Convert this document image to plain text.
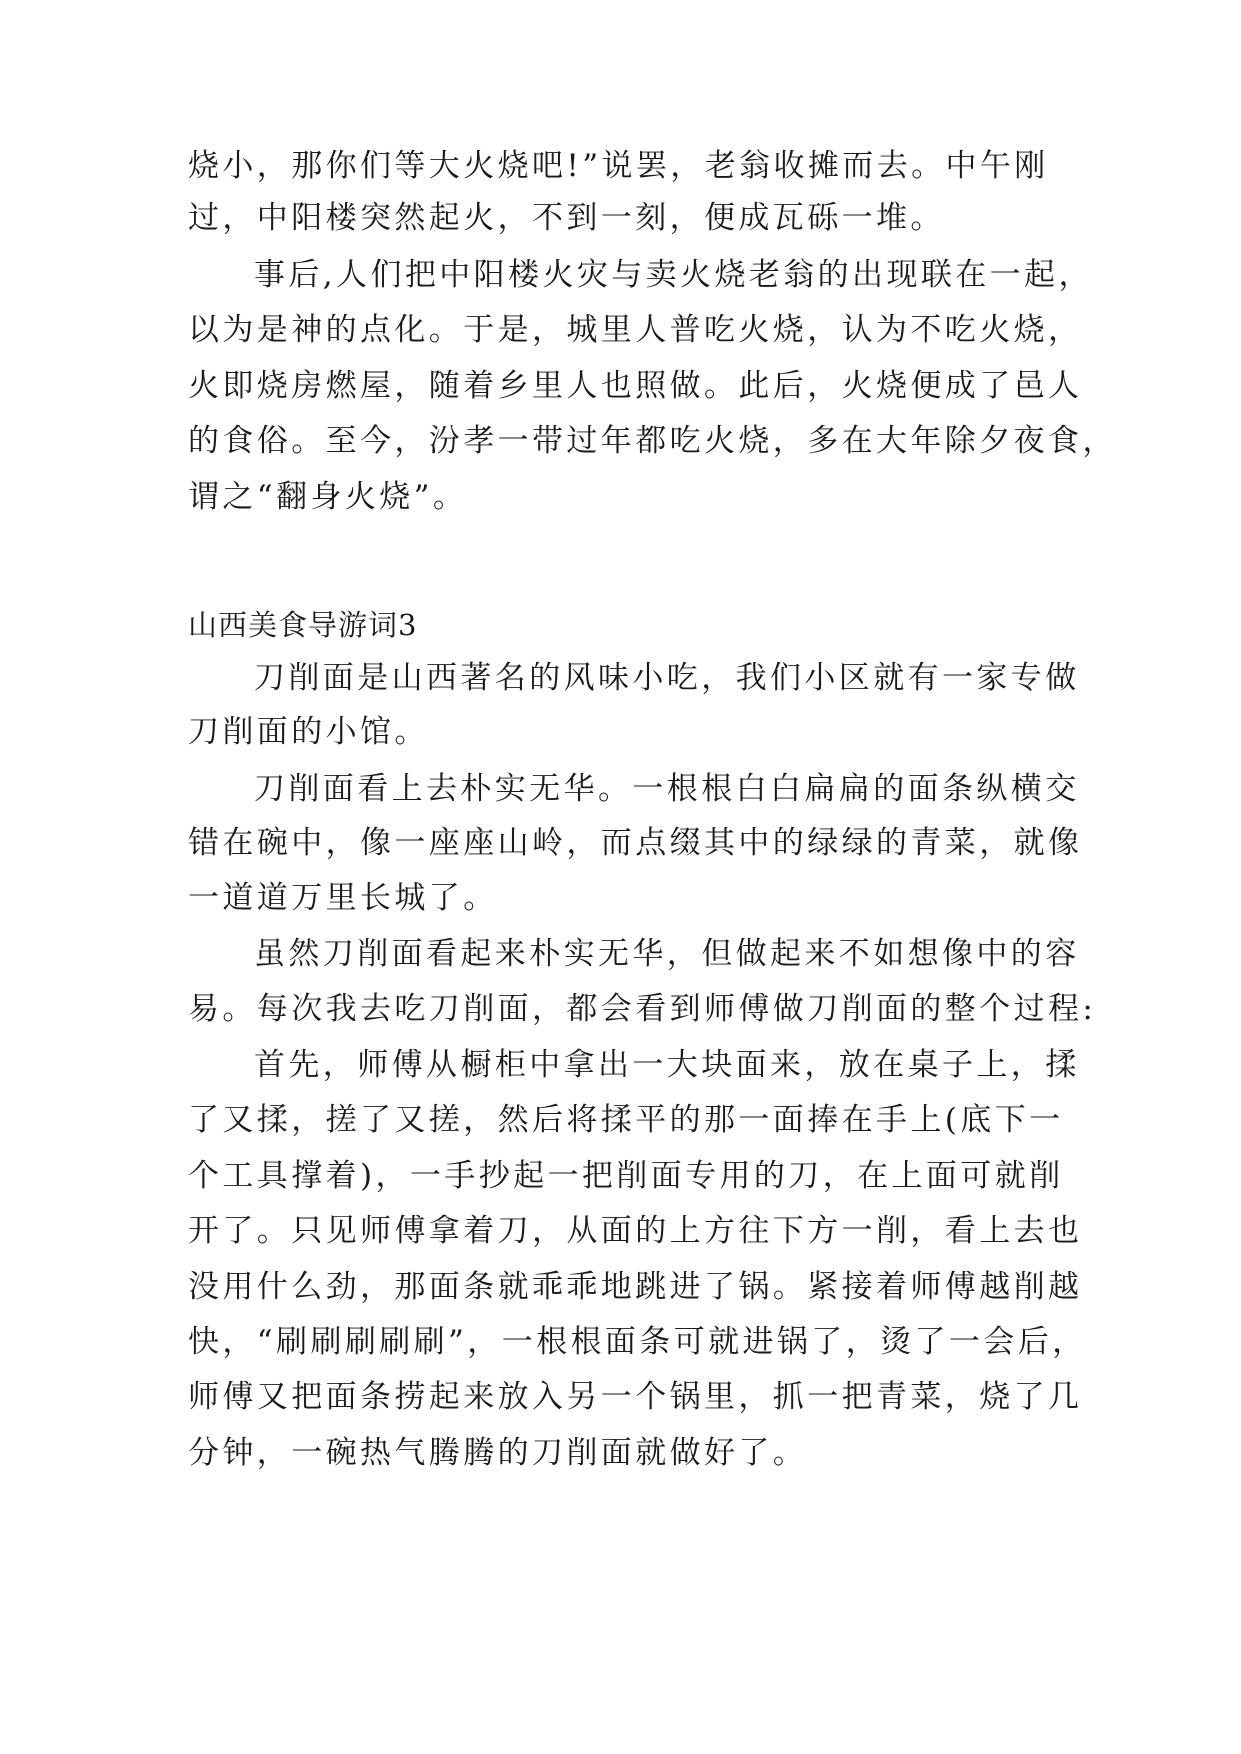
烧小，那你们等大火烧吧!”说罢，老翁收摊而去。中午刚
过，中阳楼突然起火，不到一刻，便成瓦砾一堆。
事后,人们把中阳楼火灾与卖火烧老翁的出现联在一起，
以为是神的点化。于是，城里人普吃火烧，认为不吃火烧，
火即烧房燃屋，随着乡里人也照做。此后，火烧便成了邑人
的食俗。至今，汾孝一带过年都吃火烧，多在大年除夕夜食，
谓之“翻身火烧”。
山西美食导游词3
刀削面是山西著名的风味小吃，我们小区就有一家专做
刀削面的小馆。
刀削面看上去朴实无华。一根根白白扁扁的面条纵横交
错在碗中，像一座座山岭，而点缀其中的绿绿的青菜，就像
一道道万里长城了。
虽然刀削面看起来朴实无华，但做起来不如想像中的容
易。每次我去吃刀削面，都会看到师傅做刀削面的整个过程:
首先，师傅从橱柜中拿出一大块面来，放在桌子上，揉
了又揉，搓了又搓，然后将揉平的那一面捧在手上(底下一
个工具撑着)，一手抄起一把削面专用的刀，在上面可就削
开了。只见师傅拿着刀，从面的上方往下方一削，看上去也
没用什么劲，那面条就乖乖地跳进了锅。紧接着师傅越削越
快，“刷刷刷刷刷”，一根根面条可就进锅了，烫了一会后，
师傅又把面条捞起来放入另一个锅里，抓一把青菜，烧了几
分钟，一碗热气腾腾的刀削面就做好了。
